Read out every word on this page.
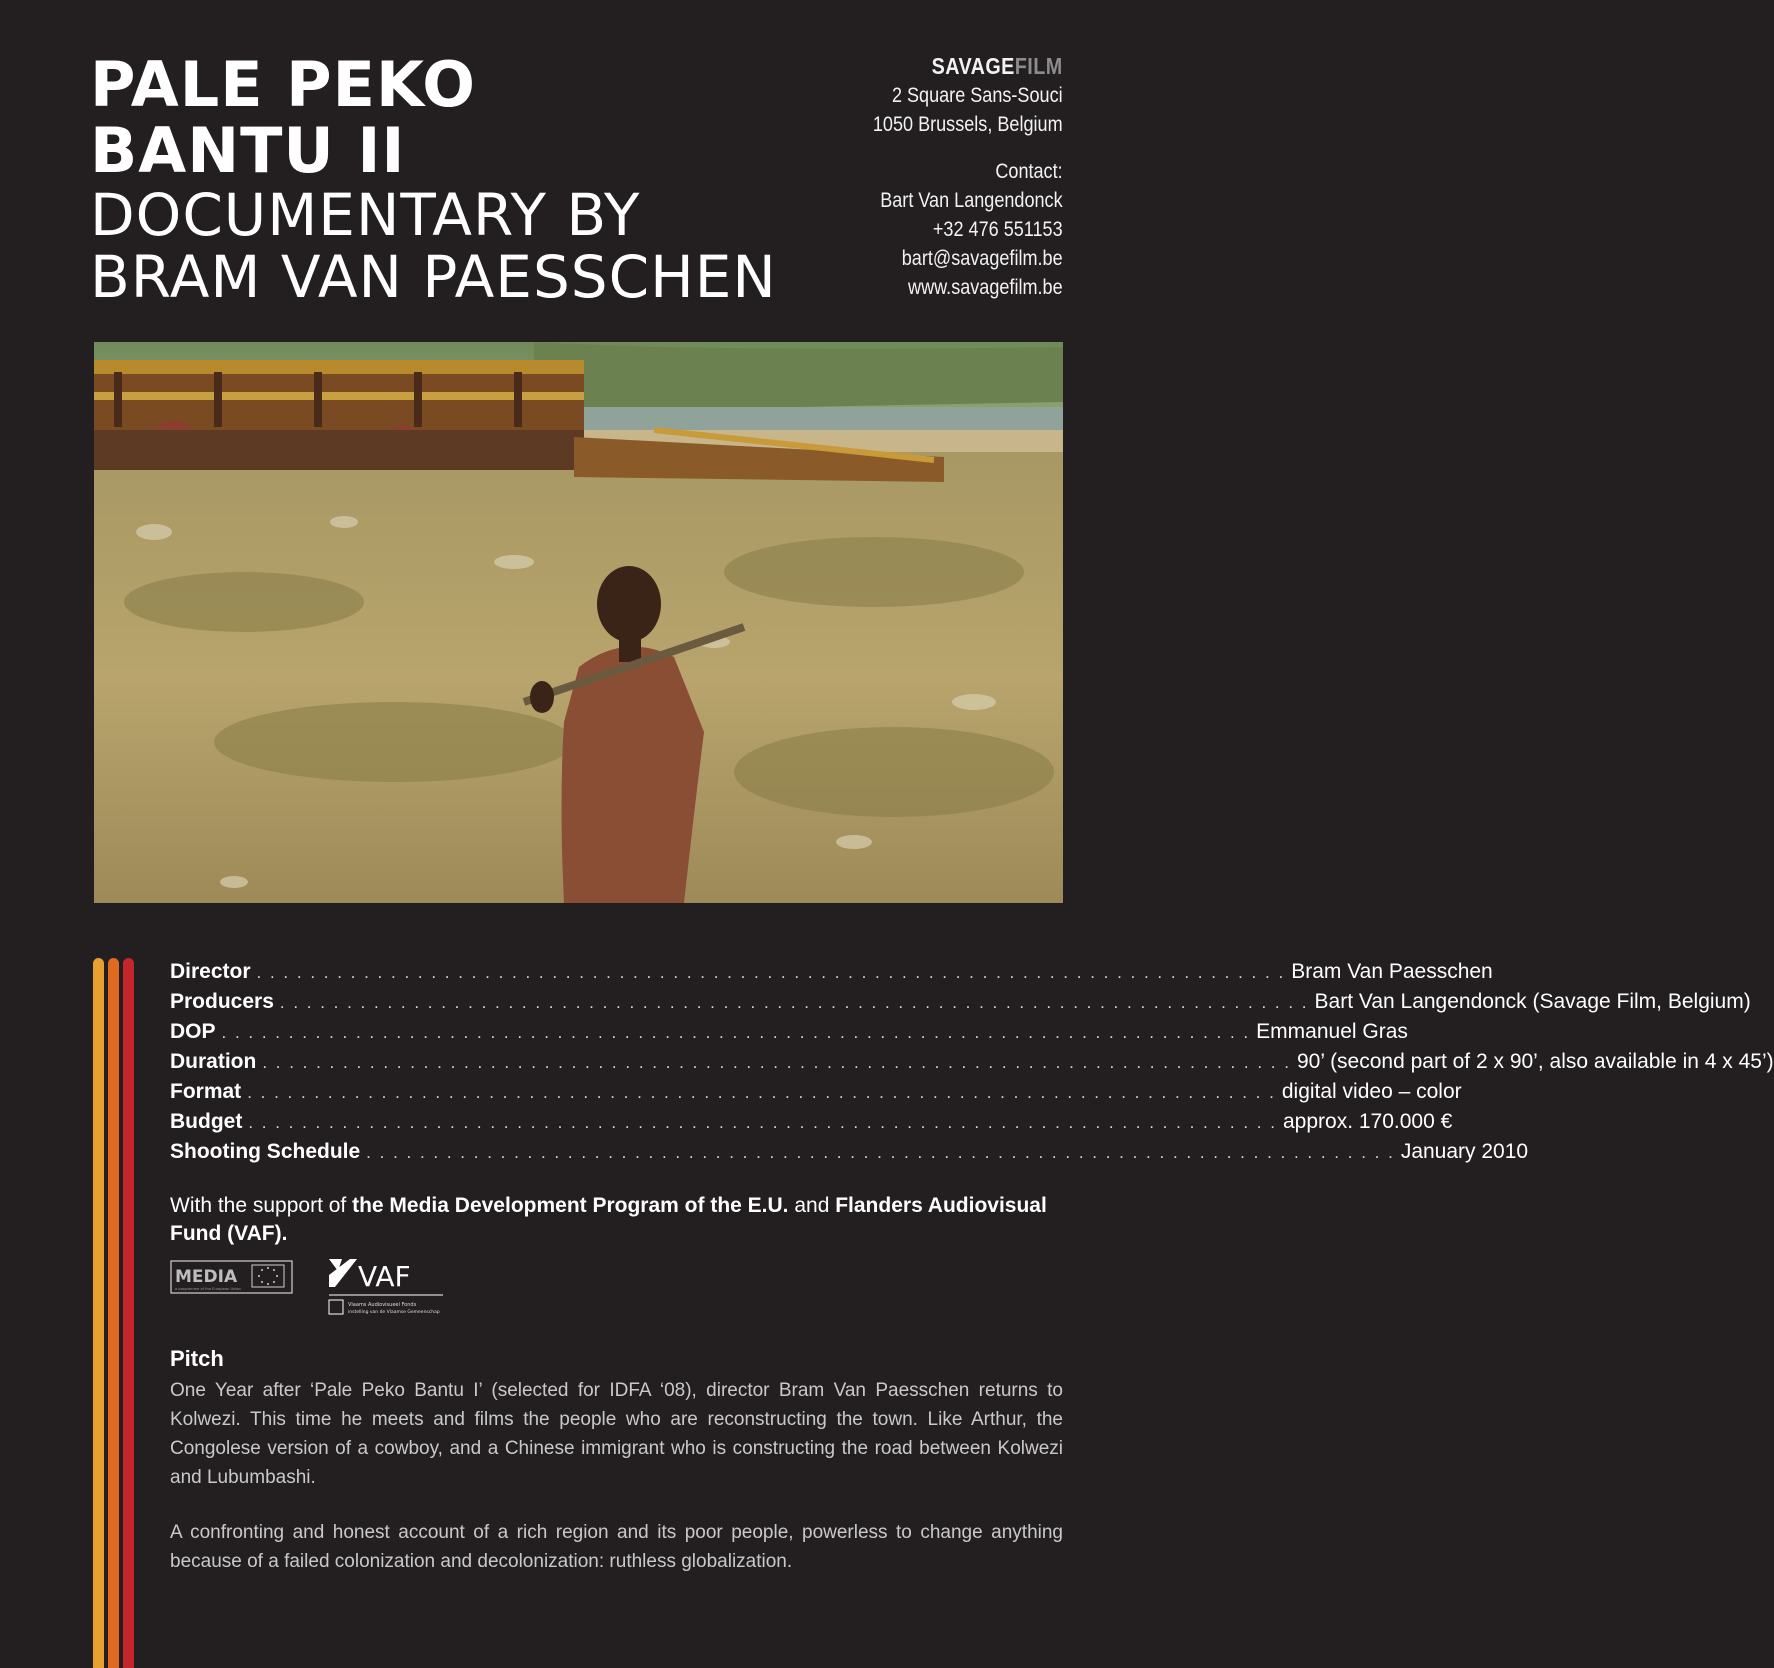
PALE PEKO
BANTU II
DOCUMENTARY BY
BRAM VAN PAESSCHEN
SAVAGEFILM
2 Square Sans-Souci
1050 Brussels, Belgium
Contact:
Bart Van Langendonck
+32 476 551153
bart@savagefilm.be
www.savagefilm.be
Director . . . . . . . . . . . . . . . . . . . . . . . . . . . . . . . . . . . . . . . . . . . . . . . . . . . . . . . . . . . . . . . . . . . . . . . . . . . . . Bram Van Paesschen
Producers . . . . . . . . . . . . . . . . . . . . . . . . . . . . . . . . . . . . . . . . . . . . . . . . . . . . . . . . . . . . . . . . . . . . . . . . . . . . . Bart Van Langendonck (Savage Film, Belgium)
DOP . . . . . . . . . . . . . . . . . . . . . . . . . . . . . . . . . . . . . . . . . . . . . . . . . . . . . . . . . . . . . . . . . . . . . . . . . . . . . Emmanuel Gras
Duration . . . . . . . . . . . . . . . . . . . . . . . . . . . . . . . . . . . . . . . . . . . . . . . . . . . . . . . . . . . . . . . . . . . . . . . . . . . . . 90’ (second part of 2 x 90’, also available in 4 x 45’)
Format . . . . . . . . . . . . . . . . . . . . . . . . . . . . . . . . . . . . . . . . . . . . . . . . . . . . . . . . . . . . . . . . . . . . . . . . . . . . . digital video – color
Budget . . . . . . . . . . . . . . . . . . . . . . . . . . . . . . . . . . . . . . . . . . . . . . . . . . . . . . . . . . . . . . . . . . . . . . . . . . . . . approx. 170.000 €
Shooting Schedule . . . . . . . . . . . . . . . . . . . . . . . . . . . . . . . . . . . . . . . . . . . . . . . . . . . . . . . . . . . . . . . . . . . . . . . . . . . . . January 2010
With the support of the Media Development Program of the E.U. and Flanders Audiovisual Fund (VAF).
MEDIA
a programme of the European Union	VAF
Vlaams Audiovisueel Fonds
instelling van de Vlaamse Gemeenschap
Pitch

One Year after ‘Pale Peko Bantu I’ (selected for IDFA ‘08), director Bram Van Paesschen returns to Kolwezi. This time he meets and films the people who are reconstructing the town. Like Arthur, the Congolese version of a cowboy, and a Chinese immigrant who is constructing the road between Kolwezi and Lubumbashi.

A confronting and honest account of a rich region and its poor people, powerless to change anything because of a failed colonization and decolonization: ruthless globalization.
